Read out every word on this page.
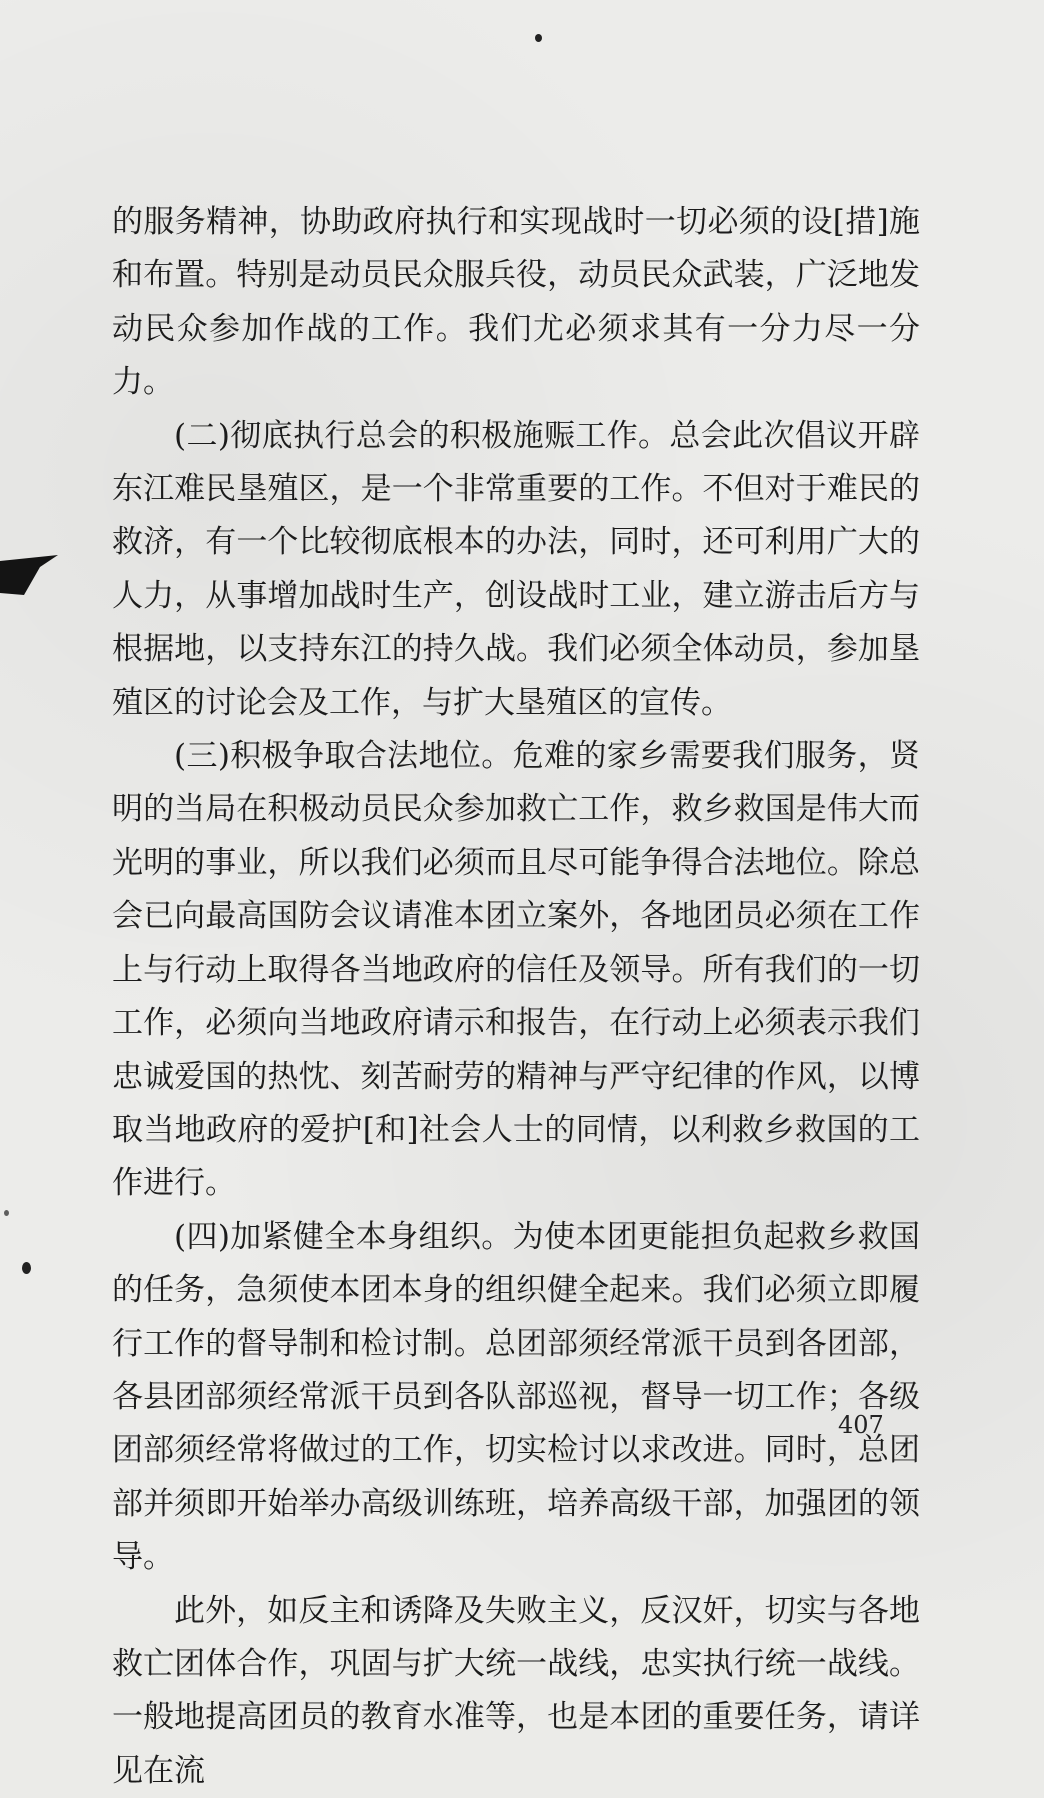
的服务精神，协助政府执行和实现战时一切必须的设[措]施和布置。特别是动员民众服兵役，动员民众武装，广泛地发动民众参加作战的工作。我们尤必须求其有一分力尽一分力。

(二)彻底执行总会的积极施赈工作。总会此次倡议开辟东江难民垦殖区，是一个非常重要的工作。不但对于难民的救济，有一个比较彻底根本的办法，同时，还可利用广大的人力，从事增加战时生产，创设战时工业，建立游击后方与根据地，以支持东江的持久战。我们必须全体动员，参加垦殖区的讨论会及工作，与扩大垦殖区的宣传。

(三)积极争取合法地位。危难的家乡需要我们服务，贤明的当局在积极动员民众参加救亡工作，救乡救国是伟大而光明的事业，所以我们必须而且尽可能争得合法地位。除总会已向最高国防会议请准本团立案外，各地团员必须在工作上与行动上取得各当地政府的信任及领导。所有我们的一切工作，必须向当地政府请示和报告，在行动上必须表示我们忠诚爱国的热忱、刻苦耐劳的精神与严守纪律的作风，以博取当地政府的爱护[和]社会人士的同情，以利救乡救国的工作进行。

(四)加紧健全本身组织。为使本团更能担负起救乡救国的任务，急须使本团本身的组织健全起来。我们必须立即履行工作的督导制和检讨制。总团部须经常派干员到各团部，各县团部须经常派干员到各队部巡视，督导一切工作；各级团部须经常将做过的工作，切实检讨以求改进。同时，总团部并须即开始举办高级训练班，培养高级干部，加强团的领导。

此外，如反主和诱降及失败主义，反汉奸，切实与各地救亡团体合作，巩固与扩大统一战线，忠实执行统一战线。一般地提高团员的教育水准等，也是本团的重要任务，请详见在流

407
